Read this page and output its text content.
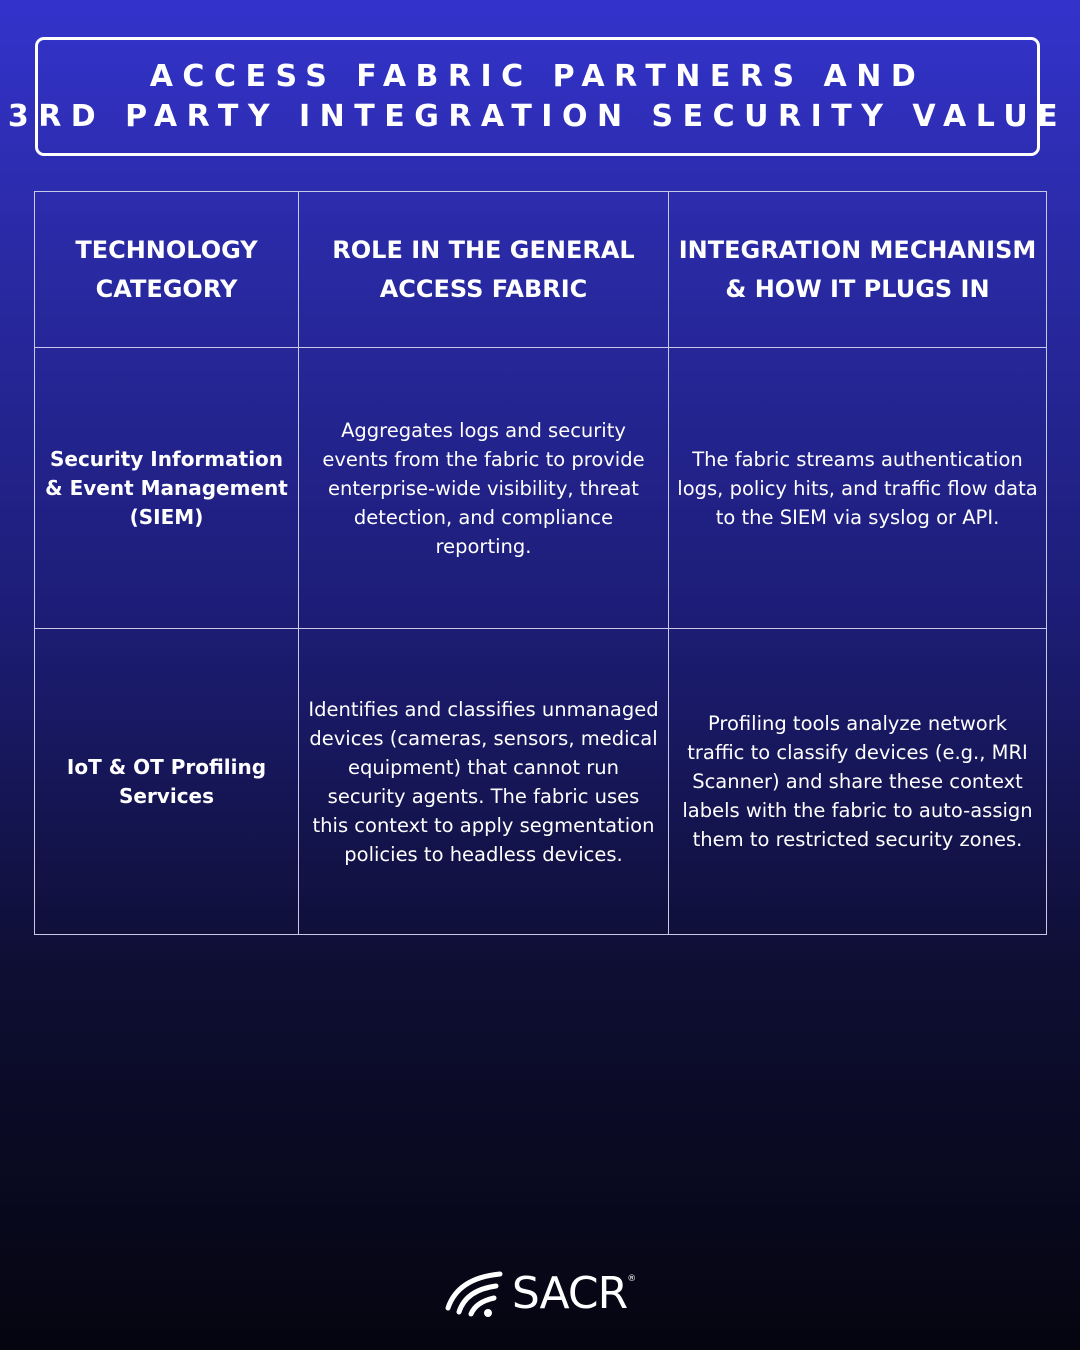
ACCESS FABRIC PARTNERS AND
3RD PARTY INTEGRATION SECURITY VALUE
TECHNOLOGY CATEGORY	ROLE IN THE GENERAL ACCESS FABRIC	INTEGRATION MECHANISM & HOW IT PLUGS IN
Security Information & Event Management (SIEM)	Aggregates logs and security events from the fabric to provide enterprise-wide visibility, threat detection, and compliance reporting.	The fabric streams authentication logs, policy hits, and traffic flow data to the SIEM via syslog or API.
IoT & OT Profiling Services	Identifies and classifies unmanaged devices (cameras, sensors, medical equipment) that cannot run security agents. The fabric uses this context to apply segmentation policies to headless devices.	Profiling tools analyze network traffic to classify devices (e.g., MRI Scanner) and share these context labels with the fabric to auto-assign them to restricted security zones.
SACR ®
